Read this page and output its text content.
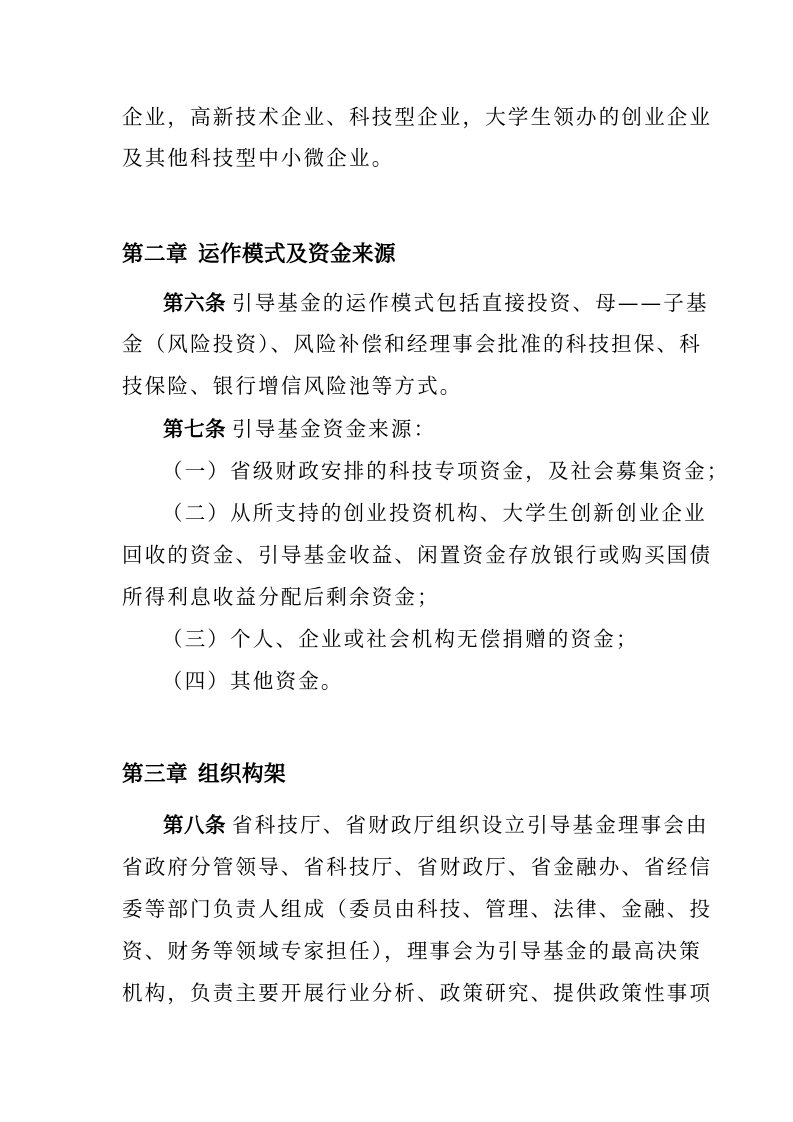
企业，高新技术企业、科技型企业，大学生领办的创业企业
及其他科技型中小微企业。
第二章 运作模式及资金来源
第六条 引导基金的运作模式包括直接投资、母——子基
金（风险投资）、风险补偿和经理事会批准的科技担保、科
技保险、银行增信风险池等方式。
第七条 引导基金资金来源：
（一）省级财政安排的科技专项资金，及社会募集资金；
（二）从所支持的创业投资机构、大学生创新创业企业
回收的资金、引导基金收益、闲置资金存放银行或购买国债
所得利息收益分配后剩余资金；
（三）个人、企业或社会机构无偿捐赠的资金；
（四）其他资金。
第三章 组织构架
第八条 省科技厅、省财政厅组织设立引导基金理事会由
省政府分管领导、省科技厅、省财政厅、省金融办、省经信
委等部门负责人组成（委员由科技、管理、法律、金融、投
资、财务等领域专家担任），理事会为引导基金的最高决策
机构，负责主要开展行业分析、政策研究、提供政策性事项
